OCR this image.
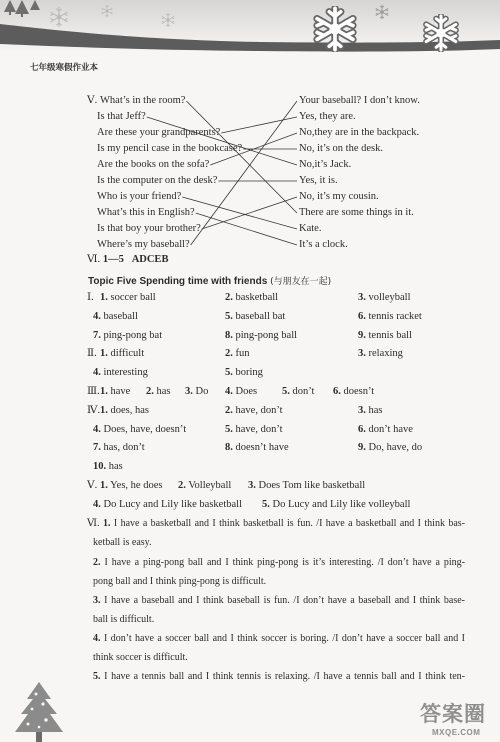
七年级寒假作业本
Ⅴ. What’s in the room?
Is that Jeff?
Are these your grandparents?
Is my pencil case in the bookcase?
Are the books on the sofa?
Is the computer on the desk?
Who is your friend?
What’s this in English?
Is that boy your brother?
Where’s my baseball?
Your baseball? I don’t know.
Yes, they are.
No,they are in the backpack.
No, it’s on the desk.
No,it’s Jack.
Yes, it is.
No, it’s my cousin.
There are some things in it.
Kate.
It’s a clock.
Ⅵ. 1—5 ADCEB
Topic Five Spending time with friends (与朋友在一起)
Ⅰ. 1. soccer ball	2. basketball	3. volleyball
4. baseball	5. baseball bat	6. tennis racket
7. ping-pong bat	8. ping-pong ball	9. tennis ball
Ⅱ. 1. difficult	2. fun	3. relaxing
4. interesting	5. boring
Ⅲ. 1. have 2. has 3. Do 4. Does 5. don’t 6. doesn’t
Ⅳ. 1. does, has	2. have, don’t	3. has
4. Does, have, doesn’t	5. have, don’t	6. don’t have
7. has, don’t	8. doesn’t have	9. Do, have, do
10. has
Ⅴ. 1. Yes, he does 2. Volleyball 3. Does Tom like basketball
4. Do Lucy and Lily like basketball 5. Do Lucy and Lily like volleyball
Ⅵ. 1. I have a basketball and I think basketball is fun. /I have a basketball and I think bas-
ketball is easy.
2. I have a ping-pong ball and I think ping-pong is it’s interesting. /I don’t have a ping-
pong ball and I think ping-pong is difficult.
3. I have a baseball and I think baseball is fun. /I don’t have a baseball and I think base-
ball is difficult.
4. I don’t have a soccer ball and I think soccer is boring. /I don’t have a soccer ball and I
think soccer is difficult.
5. I have a tennis ball and I think tennis is relaxing. /I have a tennis ball and I think ten-
答案圈
MXQE.COM
